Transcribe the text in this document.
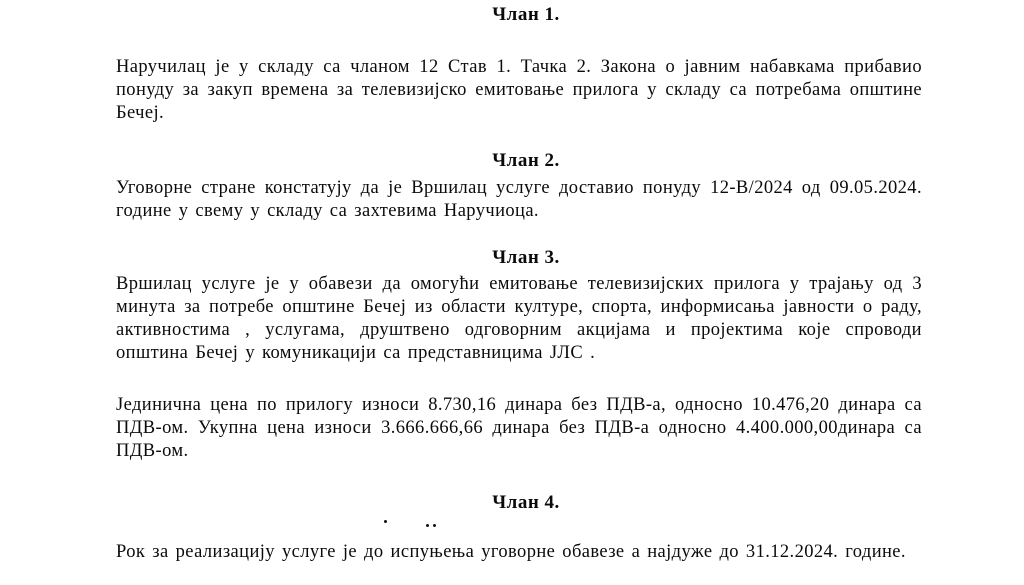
Члан 1.

Наручилац је у складу са чланом 12 Став 1. Тачка 2. Закона о јавним набавкама прибавио понуду за закуп времена за телевизијско емитовање прилога у складу са потребама општине Бечеј.

Члан 2.

Уговорне стране констатују да је Вршилац услуге доставио понуду 12-В/2024 од 09.05.2024. године у свему у складу са захтевима Наручиоца.

Члан 3.

Вршилац услуге је у обавези да омогући емитовање телевизијских прилога у трајању од 3 минута за потребе општине Бечеј из области културе, спорта, информисања јавности о раду, активностима , услугама, друштвено одговорним акцијама и пројектима које спроводи општина Бечеј у комуникацији са представницима ЈЛС .

Јединична цена по прилогу износи 8.730,16 динара без ПДВ-а, односно 10.476,20 динара са ПДВ-ом. Укупна цена износи 3.666.666,66 динара без ПДВ-а односно 4.400.000,00динара са ПДВ-ом.

Члан 4.

Рок за реализацију услуге је до испуњења уговорне обавезе а најдуже до 31.12.2024. године.
